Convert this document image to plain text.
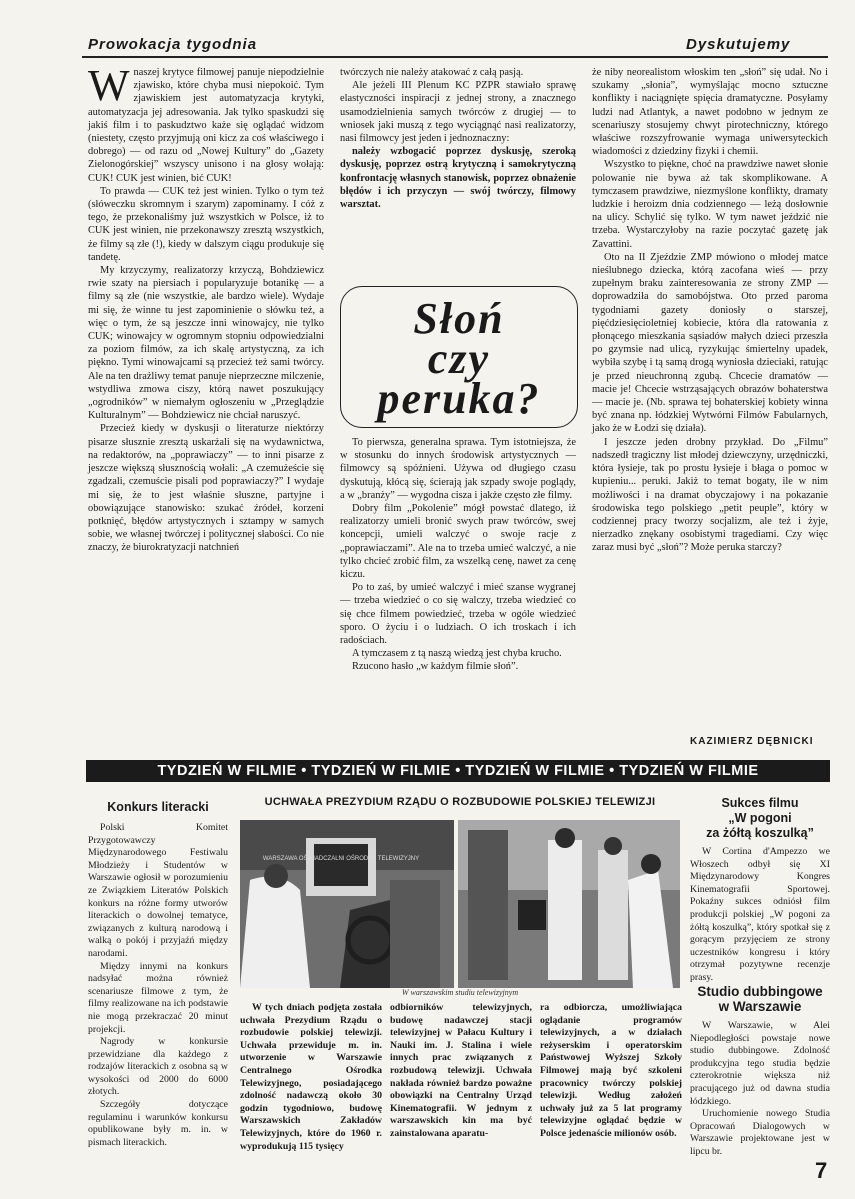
Prowokacja tygodnia	Dyskutujemy
W naszej krytyce filmowej panuje niepodzielnie zjawisko, które chyba musi niepokoić. Tym zjawiskiem jest automatyzacja krytyki, automatyzacja jej adresowania. Jak tylko spaskudzi się jakiś film i to paskudztwo każe się oglądać widzom (niestety, często przyjmują oni kicz za coś właściwego i dobrego) — od razu od „Nowej Kultury” do „Gazety Zielonogórskiej” wszyscy unisono i na głosy wołają: CUK! CUK jest winien, bić CUK!

To prawda — CUK też jest winien. Tylko o tym też (słóweczku skromnym i szarym) zapominamy. I cóż z tego, że przekonaliśmy już wszystkich w Polsce, iż to CUK jest winien, nie przekonawszy zresztą wszystkich, że filmy są złe (!), kiedy w dalszym ciągu produkuje się tandetę.

My krzyczymy, realizatorzy krzyczą, Bohdziewicz rwie szaty na piersiach i popularyzuje botanikę — a filmy są złe (nie wszystkie, ale bardzo wiele). Wydaje mi się, że winne tu jest zapominienie o słówku też, a więc o tym, że są jeszcze inni winowajcy, nie tylko CUK; winowajcy w ogromnym stopniu odpowiedzialni za poziom filmów, za ich skalę artystyczną, za ich piękno. Tymi winowajcami są przecież też sami twórcy. Ale na ten drażliwy temat panuje nieprzeczne milczenie, wstydliwa zmowa ciszy, którą nawet poszukujący „ogrodników” w niemałym ogłoszeniu w „Przeglądzie Kulturalnym” — Bohdziewicz nie chciał naruszyć.

Przecież kiedy w dyskusji o literaturze niektórzy pisarze słusznie zresztą uskarżali się na wydawnictwa, na redaktorów, na „poprawiaczy” — to inni pisarze z jeszcze większą słusznością wołali: „A czemużeście się zgadzali, czemuście pisali pod poprawiaczy?” I wydaje mi się, że to jest właśnie słuszne, partyjne i obowiązujące stanowisko: szukać źródeł, korzeni potknięć, błędów artystycznych i sztampy w samych sobie, we własnej twórczej i politycznej słabości. Co nie znaczy, że biurokratyzacji natchnień

twórczych nie należy atakować z całą pasją.

Ale jeżeli III Plenum KC PZPR stawiało sprawę elastyczności inspiracji z jednej strony, a znacznego usamodzielnienia samych twórców z drugiej — to wniosek jaki muszą z tego wyciągnąć nasi realizatorzy, nasi filmowcy jest jeden i jednoznaczny:

należy wzbogacić poprzez dyskusję, szeroką dyskusję, poprzez ostrą krytyczną i samokrytyczną konfrontację własnych stanowisk, poprzez obnażenie błędów i ich przyczyn — swój twórczy, filmowy warsztat.

Słoń
czy
peruka?

To pierwsza, generalna sprawa. Tym istotniejsza, że w stosunku do innych środowisk artystycznych — filmowcy są spóźnieni. Używa od długiego czasu dyskutują, kłócą się, ścierają jak szpady swoje poglądy, a w „branży” — wygodna cisza i jakże często złe filmy.

Dobry film „Pokolenie” mógł powstać dlatego, iż realizatorzy umieli bronić swych praw twórców, swej koncepcji, umieli walczyć o swoje racje z „poprawiaczami”. Ale na to trzeba umieć walczyć, a nie tylko chcieć zrobić film, za wszelką cenę, nawet za cenę kiczu.

Po to zaś, by umieć walczyć i mieć szanse wygranej — trzeba wiedzieć o co się walczy, trzeba wiedzieć co się chce filmem powiedzieć, trzeba w ogóle wiedzieć sporo. O życiu i o ludziach. O ich troskach i ich radościach.

A tymczasem z tą naszą wiedzą jest chyba krucho.

Rzucono hasło „w każdym filmie słoń”.

że niby neorealistom włoskim ten „słoń” się udał. No i szukamy „słonia”, wymyślając mocno sztuczne konflikty i naciągnięte spięcia dramatyczne. Posyłamy ludzi nad Atlantyk, a nawet podobno w jednym ze scenariuszy stosujemy chwyt pirotechniczny, którego właściwe rozszyfrowanie wymaga uniwersyteckich wiadomości z dziedziny fizyki i chemii.

Wszystko to piękne, choć na prawdziwe nawet słonie polowanie nie bywa aż tak skomplikowane. A tymczasem prawdziwe, niezmyślone konflikty, dramaty ludzkie i heroizm dnia codziennego — leżą dosłownie na ulicy. Schylić się tylko. W tym nawet jeździć nie trzeba. Wystarczyłoby na razie poczytać gazetę jak Zavattini.

Oto na II Zjeździe ZMP mówiono o młodej matce nieślubnego dziecka, którą zacofana wieś — przy zupełnym braku zainteresowania ze strony ZMP — doprowadziła do samobójstwa. Oto przed paroma tygodniami gazety doniosły o starszej, pięćdziesięcioletniej kobiecie, która dla ratowania z płonącego mieszkania sąsiadów małych dzieci przeszła po gzymsie nad ulicą, ryzykując śmiertelny upadek, wybiła szybę i tą samą drogą wyniosła dzieciaki, ratując je przed nieuchronną zgubą. Chcecie dramatów — macie je! Chcecie wstrząsających obrazów bohaterstwa — macie je. (Nb. sprawa tej bohaterskiej kobiety winna być znana np. łódzkiej Wytwórni Filmów Fabularnych, jako że w Łodzi się działa).

I jeszcze jeden drobny przykład. Do „Filmu” nadszedł tragiczny list młodej dziewczyny, urzędniczki, która łysieje, tak po prostu łysieje i błaga o pomoc w kupieniu... peruki. Jakiż to temat bogaty, ile w nim możliwości i na dramat obyczajowy i na pokazanie środowiska tego polskiego „petit peuple”, który w codziennej pracy tworzy socjalizm, ale też i żyje, nierzadko znękany osobistymi tragediami. Czy więc zaraz musi być „słoń”? Może peruka starczy?

KAZIMIERZ DĘBNICKI
TYDZIEŃ W FILMIE • TYDZIEŃ W FILMIE • TYDZIEŃ W FILMIE • TYDZIEŃ W FILMIE
Konkurs literacki

Polski Komitet Przygotowawczy Międzynarodowego Festiwalu Młodzieży i Studentów w Warszawie ogłosił w porozumieniu ze Związkiem Literatów Polskich konkurs na różne formy utworów literackich o dowolnej tematyce, związanych z kulturą narodową i walką o pokój i przyjaźń między narodami.

Między innymi na konkurs nadsyłać można również scenariusze filmowe z tym, że filmy realizowane na ich podstawie nie mogą przekraczać 20 minut projekcji.

Nagrody w konkursie przewidziane dla każdego z rodzajów literackich z osobna są w wysokości od 2000 do 6000 złotych.

Szczegóły dotyczące regulaminu i warunków konkursu opublikowane były m. in. w pismach literackich.

UCHWAŁA PREZYDIUM RZĄDU O ROZBUDOWIE POLSKIEJ TELEWIZJI
WARSZAWA OŚWIADCZALNI OŚRODEK TELEWIZYJNY
W warszawskim studiu telewizyjnym

W tych dniach podjęta została uchwała Prezydium Rządu o rozbudowie polskiej telewizji. Uchwała przewiduje m. in. utworzenie w Warszawie Centralnego Ośrodka Telewizyjnego, posiadającego zdolność nadawczą około 30 godzin tygodniowo, budowę Warszawskich Zakładów Telewizyjnych, które do 1960 r. wyprodukują 115 tysięcy

odbiorników telewizyjnych, budowę nadawczej stacji telewizyjnej w Pałacu Kultury i Nauki im. J. Stalina i wiele innych prac związanych z rozbudową telewizji. Uchwała nakłada również bardzo poważne obowiązki na Centralny Urząd Kinematografii. W jednym z warszawskich kin ma być zainstalowana aparatu-

ra odbiorcza, umożliwiająca oglądanie programów telewizyjnych, a w działach reżyserskim i operatorskim Państwowej Wyższej Szkoły Filmowej mają być szkoleni pracownicy twórczy polskiej telewizji. Według założeń uchwały już za 5 lat programy telewizyjne oglądać będzie w Polsce jedenaście milionów osób.

Sukces filmu
„W pogoni
za żółtą koszulką”

W Cortina d'Ampezzo we Włoszech odbył się XI Międzynarodowy Kongres Kinematografii Sportowej. Pokaźny sukces odniósł film produkcji polskiej „W pogoni za żółtą koszulką”, który spotkał się z gorącym przyjęciem ze strony uczestników kongresu i który otrzymał pozytywne recenzje prasy.

Studio dubbingowe
w Warszawie

W Warszawie, w Alei Niepodległości powstaje nowe studio dubbingowe. Zdolność produkcyjna tego studia będzie czterokrotnie większa niż pracującego już od dawna studia łódzkiego.

Uruchomienie nowego Studia Opracowań Dialogowych w Warszawie projektowane jest w lipcu br.

7
